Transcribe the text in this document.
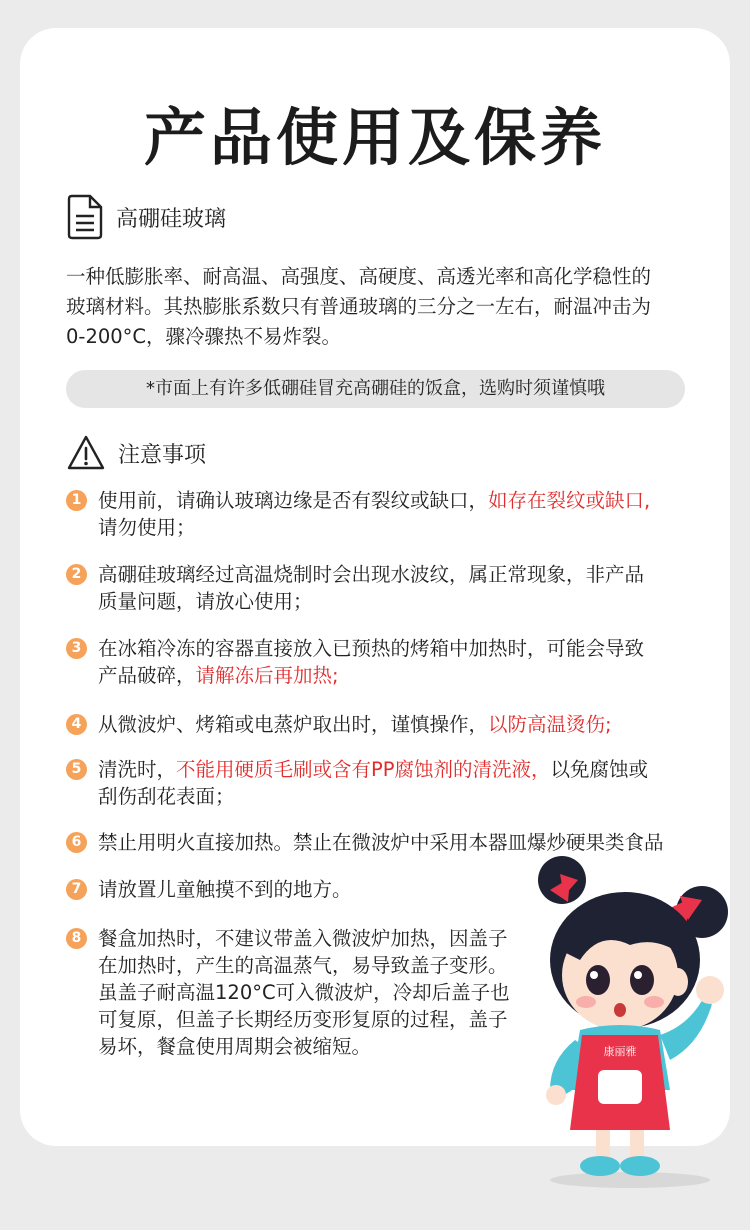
产品使用及保养
高硼硅玻璃
一种低膨胀率、耐高温、高强度、高硬度、高透光率和高化学稳性的
玻璃材料。其热膨胀系数只有普通玻璃的三分之一左右，耐温冲击为
0-200°C，骤冷骤热不易炸裂。
*市面上有许多低硼硅冒充高硼硅的饭盒，选购时须谨慎哦
注意事项
1 使用前，请确认玻璃边缘是否有裂纹或缺口，如存在裂纹或缺口,
请勿使用；
2 高硼硅玻璃经过高温烧制时会出现水波纹，属正常现象，非产品
质量问题，请放心使用；
3 在冰箱冷冻的容器直接放入已预热的烤箱中加热时，可能会导致
产品破碎，请解冻后再加热;
4 从微波炉、烤箱或电蒸炉取出时，谨慎操作，以防高温烫伤;
5 清洗时，不能用硬质毛刷或含有PP腐蚀剂的清洗液，以免腐蚀或
刮伤刮花表面；
6 禁止用明火直接加热。禁止在微波炉中采用本器皿爆炒硬果类食品
7 请放置儿童触摸不到的地方。
8 餐盒加热时，不建议带盖入微波炉加热，因盖子
在加热时，产生的高温蒸气，易导致盖子变形。
虽盖子耐高温120°C可入微波炉，冷却后盖子也
可复原，但盖子长期经历变形复原的过程，盖子
易坏，餐盒使用周期会被缩短。	康丽雅
